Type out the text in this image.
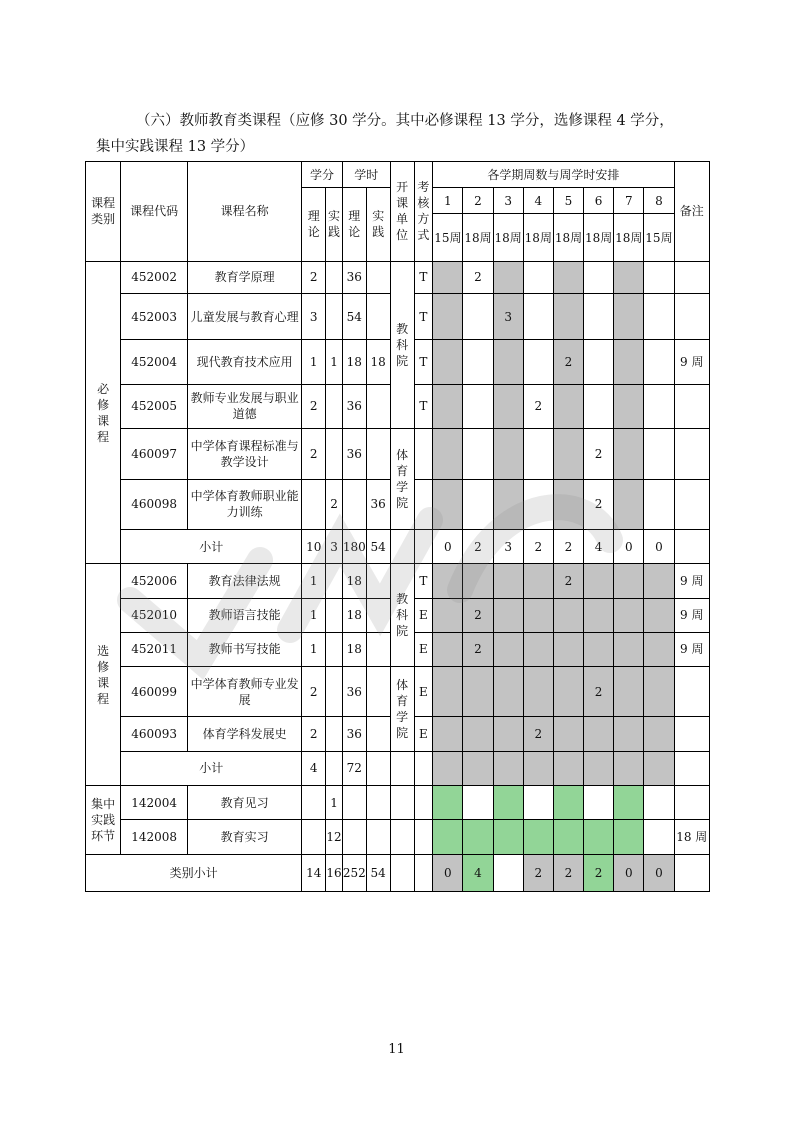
（六）教师教育类课程（应修 30 学分。其中必修课程 13 学分，选修课程 4 学分，
集中实践课程 13 学分）
课程类别	课程代码	课程名称	学分		学时		开课单位	考核方式	各学期周数与周学时安排								备注
			理论	实践	理论	实践			1	2	3	4	5	6	7	8	
									15周	18周	18周	18周	18周	18周	18周	15周	
必修课程	452002	教育学原理	2		36		教科院	T		2							
	452003	儿童发展与教育心理	3		54			T			3						
	452004	现代教育技术应用	1	1	18	18		T					2				9 周
	452005	教师专业发展与职业道德	2		36			T				2					
	460097	中学体育课程标准与教学设计	2		36		体育学院							2			
	460098	中学体育教师职业能力训练		2		36								2			
	小计		10	3	180	54			0	2	3	2	2	4	0	0	
选修课程	452006	教育法律法规	1		18		教科院	T					2				9 周
	452010	教师语言技能	1		18			E		2							9 周
	452011	教师书写技能	1		18			E		2							9 周
	460099	中学体育教师专业发展	2		36		体育学院	E						2			
	460093	体育学科发展史	2		36			E				2					
	小计		4		72												
集中实践环节	142004	教育见习		1													
	142008	教育实习		12													18 周
类别小计			14	16	252	54			0	4		2	2	2	0	0	
11
